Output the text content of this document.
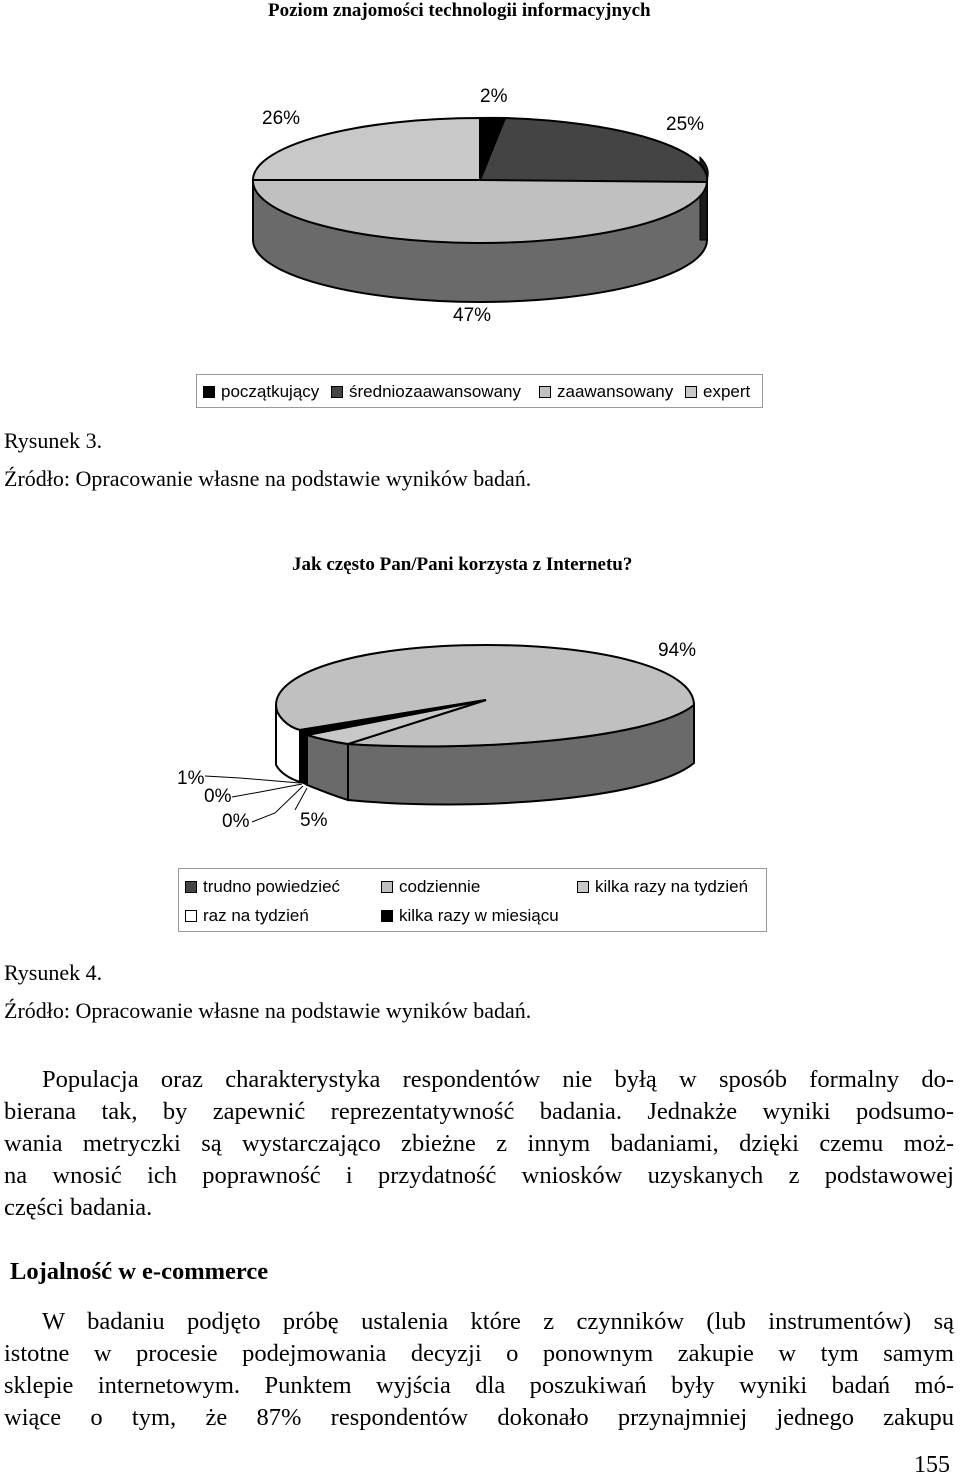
Poziom znajomości technologii informacyjnych
26%
2%
25%
47%
początkujący średniozaawansowany zaawansowany expert
Rysunek 3.
Źródło: Opracowanie własne na podstawie wyników badań.
Jak często Pan/Pani korzysta z Internetu?
94%
1%
0%
0%	5%
trudno powiedzieć	codziennie	kilka razy na tydzień
raz na tydzień	kilka razy w miesiącu
Rysunek 4.
Źródło: Opracowanie własne na podstawie wyników badań.
Populacja oraz charakterystyka respondentów nie byłą w sposób formalny do-
bierana tak, by zapewnić reprezentatywność badania. Jednakże wyniki podsumo-
wania metryczki są wystarczająco zbieżne z innym badaniami, dzięki czemu moż-
na wnosić ich poprawność i przydatność wniosków uzyskanych z podstawowej
części badania.
Lojalność w e-commerce
W badaniu podjęto próbę ustalenia które z czynników (lub instrumentów) są
istotne w procesie podejmowania decyzji o ponownym zakupie w tym samym
sklepie internetowym. Punktem wyjścia dla poszukiwań były wyniki badań mó-
wiące o tym, że 87% respondentów dokonało przynajmniej jednego zakupu
155
